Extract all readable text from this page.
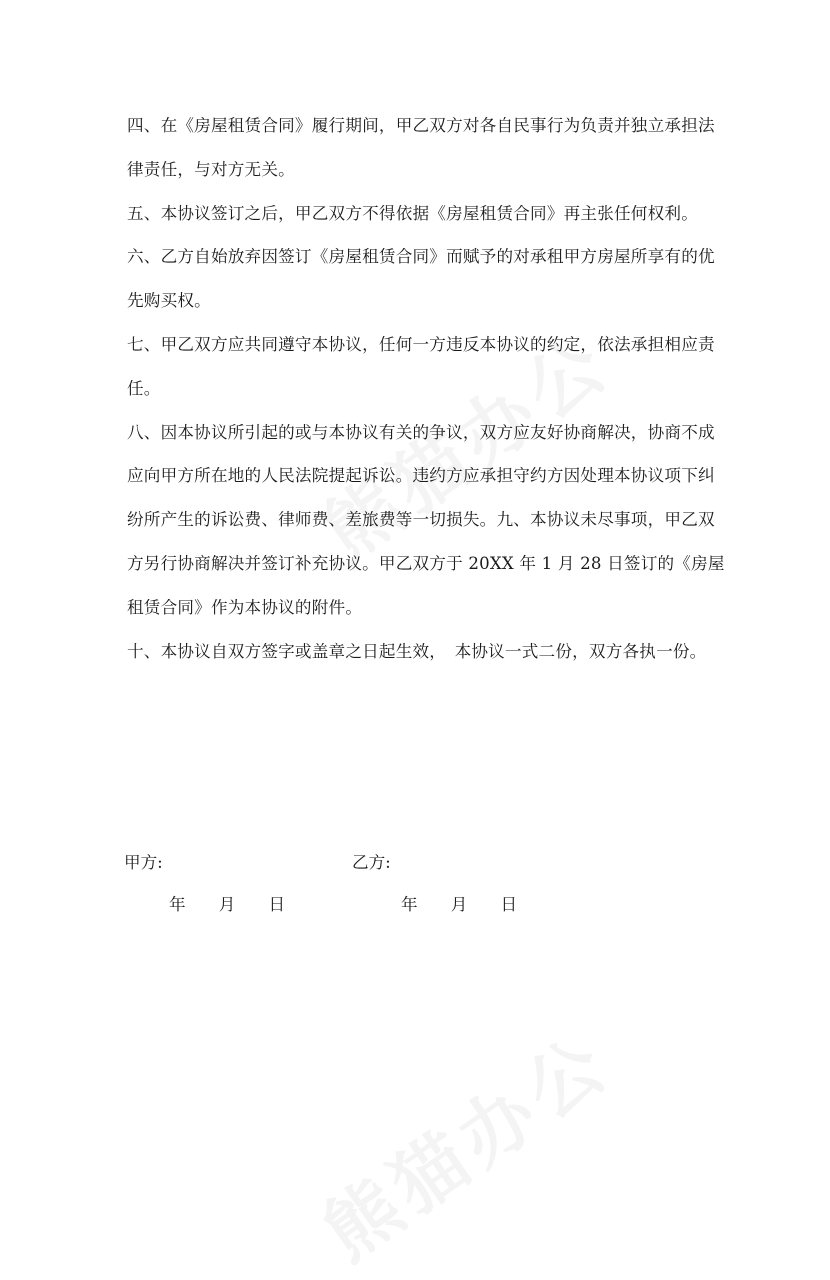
四、在《房屋租赁合同》履行期间，甲乙双方对各自民事行为负责并独立承担法律责任，与对方无关。

五、本协议签订之后，甲乙双方不得依据《房屋租赁合同》再主张任何权利。

六、乙方自始放弃因签订《房屋租赁合同》而赋予的对承租甲方房屋所享有的优先购买权。

七、甲乙双方应共同遵守本协议，任何一方违反本协议的约定，依法承担相应责任。

八、因本协议所引起的或与本协议有关的争议，双方应友好协商解决，协商不成应向甲方所在地的人民法院提起诉讼。违约方应承担守约方因处理本协议项下纠纷所产生的诉讼费、律师费、差旅费等一切损失。九、本协议未尽事项，甲乙双方另行协商解决并签订补充协议。甲乙双方于 20XX 年 1 月 28 日签订的《房屋租赁合同》作为本协议的附件。

十、本协议自双方签字或盖章之日起生效，　本协议一式二份，双方各执一份。

甲方:	乙方:
年　　月　　日	年　　月　　日
